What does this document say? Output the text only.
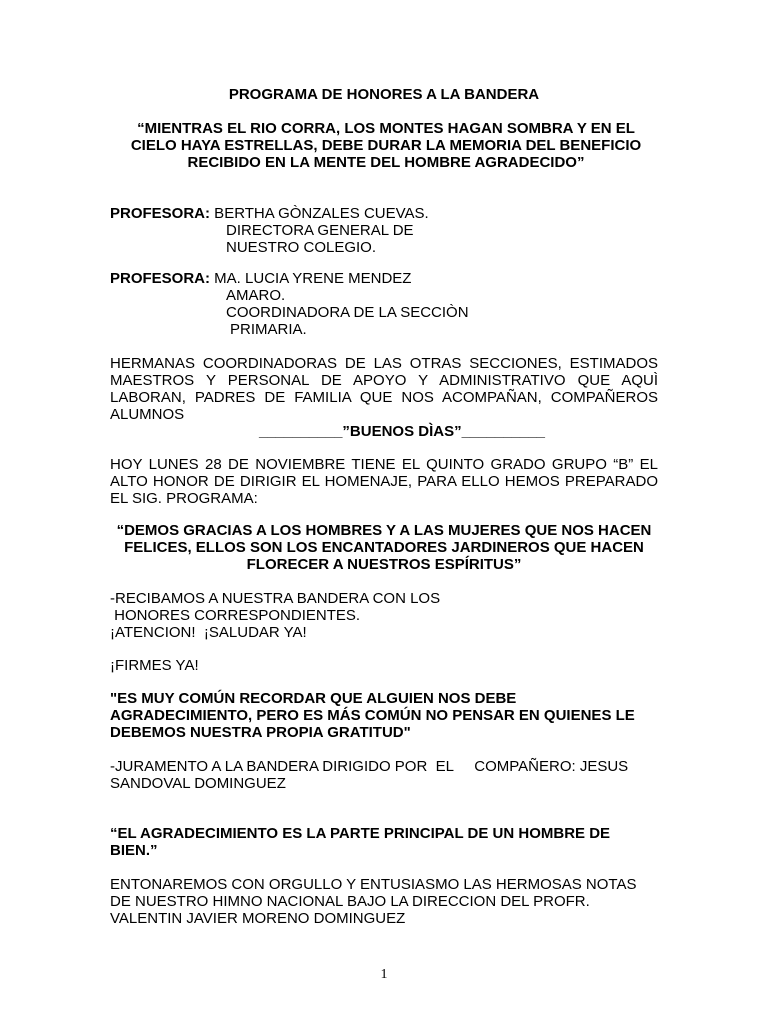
PROGRAMA DE HONORES A LA BANDERA
“MIENTRAS EL RIO CORRA, LOS MONTES HAGAN SOMBRA Y EN EL CIELO HAYA ESTRELLAS, DEBE DURAR LA MEMORIA DEL BENEFICIO RECIBIDO EN LA MENTE DEL HOMBRE AGRADECIDO”
PROFESORA: BERTHA GÒNZALES CUEVAS.
DIRECTORA GENERAL DE
NUESTRO COLEGIO.
PROFESORA: MA. LUCIA YRENE MENDEZ
AMARO.
COORDINADORA DE LA SECCIÒN
PRIMARIA.
HERMANAS COORDINADORAS DE LAS OTRAS SECCIONES, ESTIMADOS MAESTROS Y PERSONAL DE APOYO Y ADMINISTRATIVO QUE AQUÌ LABORAN, PADRES DE FAMILIA QUE NOS ACOMPAÑAN, COMPAÑEROS ALUMNOS
__________”BUENOS DÌAS”__________
HOY LUNES 28 DE NOVIEMBRE TIENE EL QUINTO GRADO GRUPO “B” EL ALTO HONOR DE DIRIGIR EL HOMENAJE, PARA ELLO HEMOS PREPARADO EL SIG. PROGRAMA:
“DEMOS GRACIAS A LOS HOMBRES Y A LAS MUJERES QUE NOS HACEN FELICES, ELLOS SON LOS ENCANTADORES JARDINEROS QUE HACEN FLORECER A NUESTROS ESPÍRITUS”
-RECIBAMOS A NUESTRA BANDERA CON LOS
HONORES CORRESPONDIENTES.
¡ATENCION!  ¡SALUDAR YA!
¡FIRMES YA!
"ES MUY COMÚN RECORDAR QUE ALGUIEN NOS DEBE AGRADECIMIENTO, PERO ES MÁS COMÚN NO PENSAR EN QUIENES LE DEBEMOS NUESTRA PROPIA GRATITUD"
-JURAMENTO A LA BANDERA DIRIGIDO POR  EL     COMPAÑERO: JESUS
SANDOVAL DOMINGUEZ
“EL AGRADECIMIENTO ES LA PARTE PRINCIPAL DE UN HOMBRE DE BIEN.”
ENTONAREMOS CON ORGULLO Y ENTUSIASMO LAS HERMOSAS NOTAS
DE NUESTRO HIMNO NACIONAL BAJO LA DIRECCION DEL PROFR.
VALENTIN JAVIER MORENO DOMINGUEZ
1
